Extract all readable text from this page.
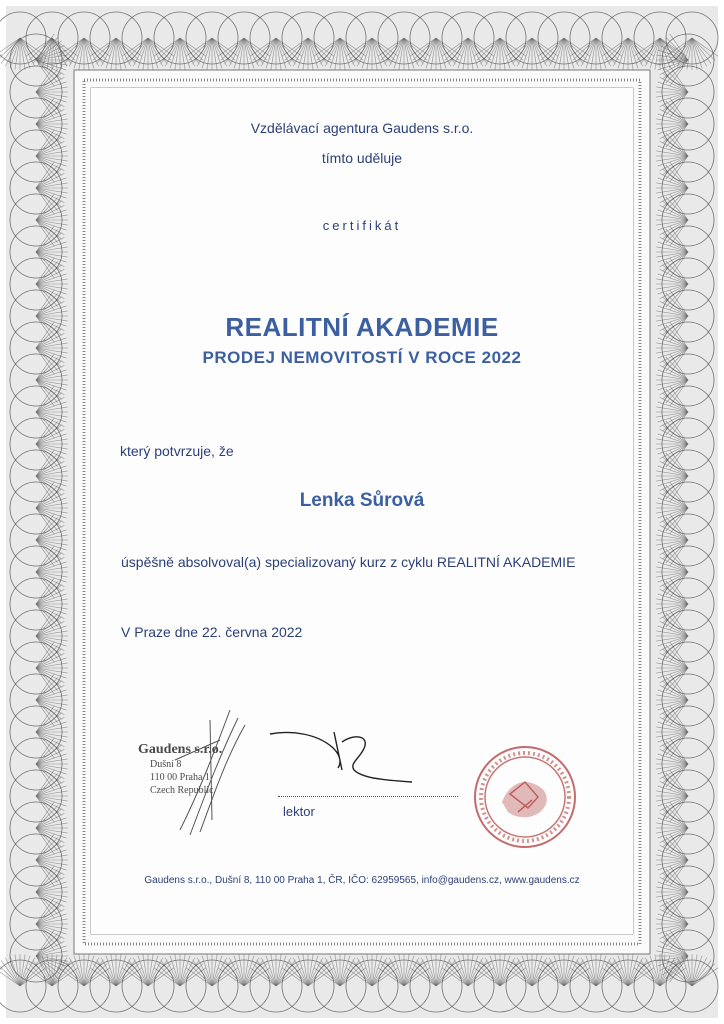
Vzdělávací agentura Gaudens s.r.o.
tímto uděluje
certifikát
REALITNÍ AKADEMIE
PRODEJ NEMOVITOSTÍ V ROCE 2022
který potvrzuje, že
Lenka Sůrová
úspěšně absolvoval(a) specializovaný kurz z cyklu REALITNÍ AKADEMIE
V Praze dne 22. června 2022
Gaudens s.r.o.
Dušní 8
110 00 Praha 1
Czech Republic
lektor
Gaudens s.r.o., Dušní 8, 110 00 Praha 1, ČR, IČO: 62959565, info@gaudens.cz, www.gaudens.cz
